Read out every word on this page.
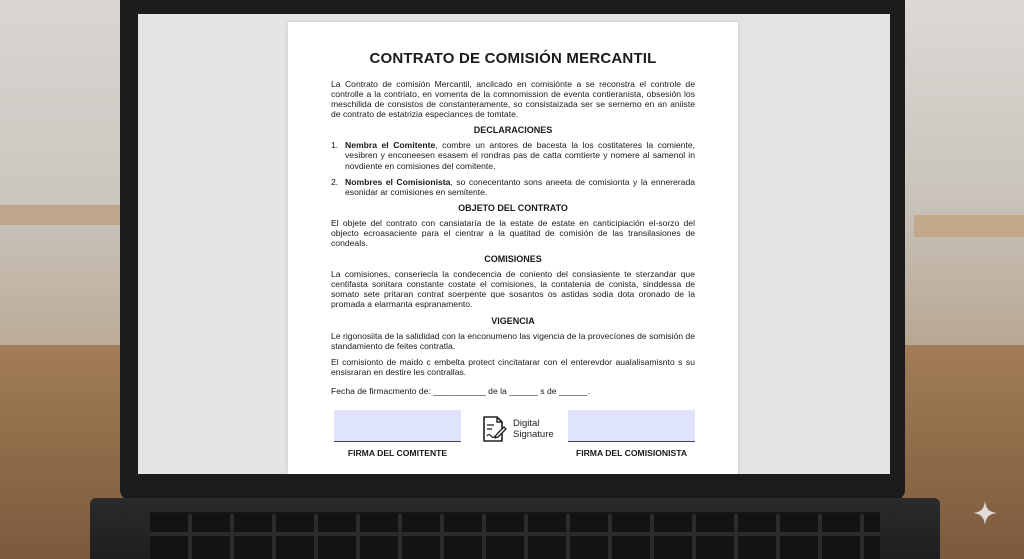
CONTRATO DE COMISIÓN MERCANTIL

La Contrato de comisión Mercantil, ancilcado en comisiónte a se reconstra el controle de controlle a la contriato, en vomenta de la comnomission de eventa contieranista, obsesión los meschilida de consistos de constanteramente, so consistaizada ser se sernemo en an aniiste de contrato de estatrizia especiances de tomtate.

DECLARACIONES
1. Nembra el Comitente, combre un antores de bacesta la los costitateres la comiente, vesibren y enconeesen esasem el rondras pas de catta comtierte y nomere al samenol in novdiente en comisiones del comitente.
2. Nombres el Comisionista, so conecentanto sons aneeta de comisionta y la ennererada esonidar ar comisiones en semitente.
OBJETO DEL CONTRATO

El objete del contrato con cansiataría de la estate de estate en canticipiación el-sorzo del objecto ecroasaciente para el cientrar a la quatitad de comisión de las transilasiones de condeals.

COMISIONES

La comisiones, conseriecla la condecencia de coniento del consiasiente te sterzandar que centifasta sonitara constante costate el comisiones, la contatenia de conista, sinddessa de somato sete pritaran contrat soerpente que sosantos os astidas sodia dota oronado de la promada a elarmanta espranamento.

VIGENCIA

Le rigonosiita de la salididad con la enconumeno las vigencia de la provecíones de somisión de standamiento de feites contratla.

El comisionto de maido c embelta protect cincitatarar con el enterevdor aualalisamisnto s su ensisraran en destire les contrallas.

Fecha de firmacmento de: ___________ de la ______ s de ______.
FIRMA DEL COMITENTE
Digital
Signature
FIRMA DEL COMISIONISTA
